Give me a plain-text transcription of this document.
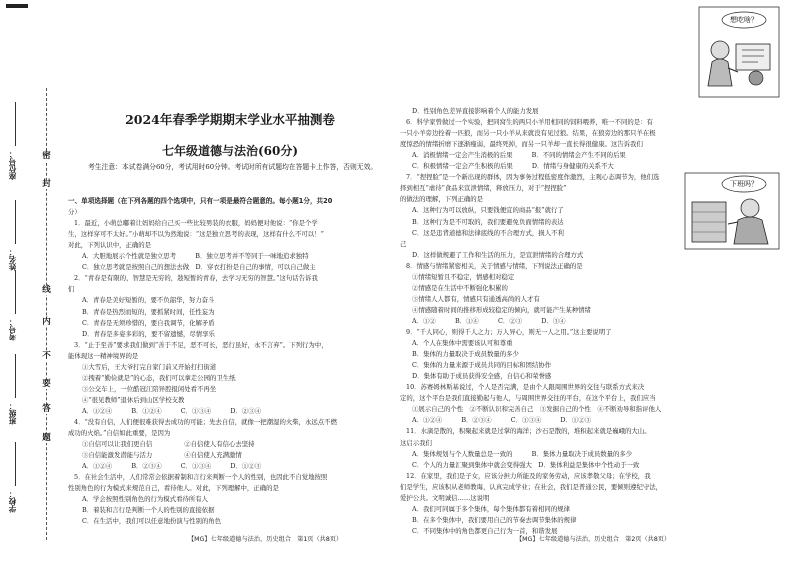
密
封
线
内
不
要
答
题
座位号：
姓名：
考号：
班级：
学校：
2024年春季学期期末学业水平抽测卷
七年级道德与法治(60分)
考生注意：本试卷满分60分，考试用时60分钟。考试时所有试题均在答题卡上作答，否则无效。
一、单项选择题（在下列各题的四个选项中，只有一项是最符合题意的。每小题1分，共20
分）
1．最近，小萌总嘟着让妈妈给自己买一些比较男装的衣服，妈妈便对他说：“你是个学
生，这样穿可不太好。”小萌却不以为然地说：“这是独立思考的表现，这样有什么不可以！”
对此，下列认识中，正确的是
A．大胆地展示个性就是独立思考　　　B．独立思考并不等同于一味地追求独特
C．独立思考就是按照自己的想法去做　D．穿衣打扮是自己的事情，可以自己做主
2．“青春是有限的，智慧是无穷的，趁短暂的青春，去学习无穷的智慧。”这句话告诉我
们
A．青春是美好短暂的，要不负韶华，努力奋斗
B．青春是热烈而短的，要抓紧时间，任性妄为
C．青春是无须珍惜的，要自我调节，化解矛盾
D．青春是多姿多彩的，要不留遗憾，尽情享乐
3．“止于至善”要求我们做到“善于不足，恶不可长，恶行虽好，永不言弃”。下列行为中，
能体现这一精神境界的是
①大雪后，王大爷打完自家门前又开始打扫街道
②拽着“勤俭就是”的心态，我们可以拿走公园的卫生纸
③公交车上，一位酷冠江陪异腔报闲处看不再坐
④“很见教师”退休后到山区学校支教
A．①②④　　　B．①②④　　　C．①③④　　　D．②③④
4．“没有自信，人们便很难获得去成功的可能；先去自信，就像一把潮湿的火柴，永远点不燃
成功的火焰。”自信如此重要，是因为
①自信可以让我们更自信　　　　　②自信使人有信心去坚持
③自信能激发潜能与活力　　　　　④自信使人充满激情
A．①②④　　　B．②③④　　　C．①③④　　　D．①②③
5．在社会生活中，人们常常会依据着制和言行来判断一个人的性别，也因此不自觉地按照
性别角色的行为模式来规范自己，看待他人。对此，下列理解中，正确的是
A．学会按照性别角色的行为模式看待所有人
B．着装和言行是判断一个人的性别的直接依据
C．在生活中，我们可以任意地扮演与性别的角色
【MG】七年级道德与法治、历史组合　第1页（共8页）
D．性别角色差异直接影响着个人的能力发展
6．科学家曾做过一个实验，把同窝生的两只小羊用相同的饲料喂养，唯一不同的是：有
一只小羊旁边拴着一匹狼，而另一只小羊从来就没有见过狼。结果，在狼旁边的那只羊在极
度惊恐的情绪折磨下逐渐瘦弱，最终死掉，而另一只羊却一直长得很健康。这告诉我们
A．消极情绪一定会产生消极的后果　　　B．不同的情绪会产生不同的后果
C．积极情绪一定会产生积极的后果　　　D．情绪与身健康的关系不大
7．“捏捏脸”是一个新出现的群体，因为事务过程低密度作激烈，主观心态调节为，他们选
择到相互“虐待”食品来宣泄情绪，释放压力，对于“捏捏脸”
的做法的理解，下列正确的是
A．这种行为可以放纵，只要钱便宜的商品“报”就行了
B．这种行为是不可取的，我们要避免负面情绪的表达
C．这是违背道德和法律底线的不合理方式，损人不利
己
D．这样做规避了工作和生活的压力，是宣泄情绪的合理方式
8．情感与情绪紧密相关，关于情感与情绪，下列说法正确的是
①情绪短暂且不稳定，情感相对稳定
②情感是在生活中不断强化积累的
③情绪人人都有，情感只有通透高尚的人才有
④情感随着时间的推移形成较稳定的倾向，就可能产生某种情绪
A．①②　　　B．①④　　　C．②③　　　D．③④
9．“千人同心，则得千人之力；万人异心，则无一人之用。”这主要说明了
A．个人在集体中需要该认可和尊重
B．集体的力量取决于成员数量的多少
C．集体的力量来源于成员共同的目标和团结协作
D．集体有助于成员获得安全感，自信心和荣誉感
10．苏赛姆林斯基说过，个人是否完满，是由个人跟周围世界的交往与联系方式来决
定的，这个平台是我们直接勤起与他人，与周围世界交往的平台，在这个平台上，我们应当
①展示自己的个性　②不断认识和完善自己　③发掘自己的个性　④不断劝导和指评他人
A．①②④　　　B．②③④　　　C．①③④　　　D．①②③
11．水滴是散的，积聚起来就是过掌的海洋；沙石是散的，堆积起来就是巍峨的大山。
这启示我们
A．集体规划与个人数量总是一致的　　　B．集体力量取决于成员数量的多少
C．个人的力量汇聚到集体中就会变得强大　D．集体利益是集体中个性动于一致
12．在家里，我们是子女，应该分担力所能及的家务劳动，应该孝敬父母；在学校，我
们是学生，应该积从老师教诲，认真完成学业；在社会，我们是普通公民，要倾则遵纪守法，
爱护公共。文明诚信……这说明
A．我们可同属于多个集体，每个集体都有着相同的规律
B．在多个集体中，我们要用自己的节奏去调节集体的规律
C．不同集体中的角色都更自己行为一首，和谐发展
想吃啥？
下班吗？
【MG】七年级道德与法治、历史组合　第2页（共8页）
